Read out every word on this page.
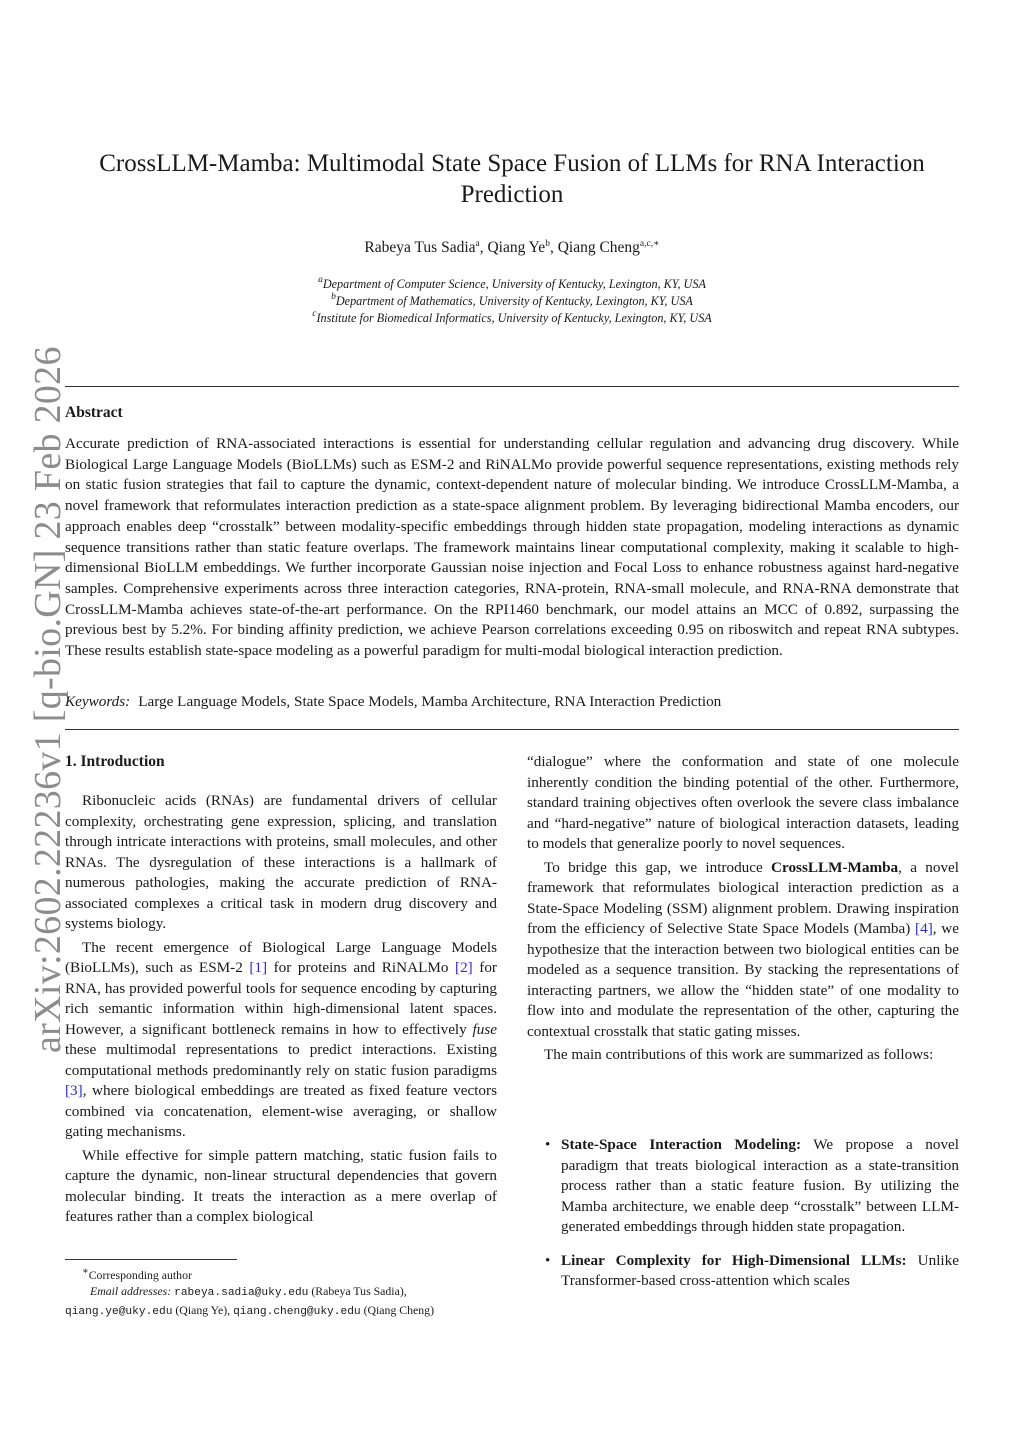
arXiv:2602.22236v1 [q-bio.GN] 23 Feb 2026
CrossLLM-Mamba: Multimodal State Space Fusion of LLMs for RNA Interaction
Prediction
Rabeya Tus Sadia$^a$, Qiang Ye$^b$, Qiang Cheng$^{a,c,∗}$
$^a$Department of Computer Science, University of Kentucky, Lexington, KY, USA
$^b$Department of Mathematics, University of Kentucky, Lexington, KY, USA
$^c$Institute for Biomedical Informatics, University of Kentucky, Lexington, KY, USA
Abstract
Accurate prediction of RNA-associated interactions is essential for understanding cellular regulation and advancing drug discovery. While Biological Large Language Models (BioLLMs) such as ESM-2 and RiNALMo provide powerful sequence representations, existing methods rely on static fusion strategies that fail to capture the dynamic, context-dependent nature of molecular binding. We introduce CrossLLM-Mamba, a novel framework that reformulates interaction prediction as a state-space alignment problem. By leveraging bidirectional Mamba encoders, our approach enables deep “crosstalk” between modality-specific embeddings through hidden state propagation, modeling interactions as dynamic sequence transitions rather than static feature overlaps. The framework maintains linear computational complexity, making it scalable to high-dimensional BioLLM embeddings. We further incorporate Gaussian noise injection and Focal Loss to enhance robustness against hard-negative samples. Comprehensive experiments across three interaction categories, RNA-protein, RNA-small molecule, and RNA-RNA demonstrate that CrossLLM-Mamba achieves state-of-the-art performance. On the RPI1460 benchmark, our model attains an MCC of 0.892, surpassing the previous best by 5.2%. For binding affinity prediction, we achieve Pearson correlations exceeding 0.95 on riboswitch and repeat RNA subtypes. These results establish state-space modeling as a powerful paradigm for multi-modal biological interaction prediction.
Keywords: Large Language Models, State Space Models, Mamba Architecture, RNA Interaction Prediction
1. Introduction

Ribonucleic acids (RNAs) are fundamental drivers of cellular complexity, orchestrating gene expression, splicing, and translation through intricate interactions with proteins, small molecules, and other RNAs. The dysregulation of these interactions is a hallmark of numerous pathologies, making the accurate prediction of RNA-associated complexes a critical task in modern drug discovery and systems biology.

The recent emergence of Biological Large Language Models (BioLLMs), such as ESM-2 [1] for proteins and RiNALMo [2] for RNA, has provided powerful tools for sequence encoding by capturing rich semantic information within high-dimensional latent spaces. However, a significant bottleneck remains in how to effectively fuse these multimodal representations to predict interactions. Existing computational methods predominantly rely on static fusion paradigms [3], where biological embeddings are treated as fixed feature vectors combined via concatenation, element-wise averaging, or shallow gating mechanisms.

While effective for simple pattern matching, static fusion fails to capture the dynamic, non-linear structural dependencies that govern molecular binding. It treats the interaction as a mere overlap of features rather than a complex biological

∗Corresponding author
Email addresses: rabeya.sadia@uky.edu (Rabeya Tus Sadia),
qiang.ye@uky.edu (Qiang Ye), qiang.cheng@uky.edu (Qiang Cheng)

“dialogue” where the conformation and state of one molecule inherently condition the binding potential of the other. Furthermore, standard training objectives often overlook the severe class imbalance and “hard-negative” nature of biological interaction datasets, leading to models that generalize poorly to novel sequences.

To bridge this gap, we introduce CrossLLM-Mamba, a novel framework that reformulates biological interaction prediction as a State-Space Modeling (SSM) alignment problem. Drawing inspiration from the efficiency of Selective State Space Models (Mamba) [4], we hypothesize that the interaction between two biological entities can be modeled as a sequence transition. By stacking the representations of interacting partners, we allow the “hidden state” of one modality to flow into and modulate the representation of the other, capturing the contextual crosstalk that static gating misses.

The main contributions of this work are summarized as follows:

• State-Space Interaction Modeling: We propose a novel paradigm that treats biological interaction as a state-transition process rather than a static feature fusion. By utilizing the Mamba architecture, we enable deep “crosstalk” between LLM-generated embeddings through hidden state propagation.
• Linear Complexity for High-Dimensional LLMs: Unlike Transformer-based cross-attention which scales
